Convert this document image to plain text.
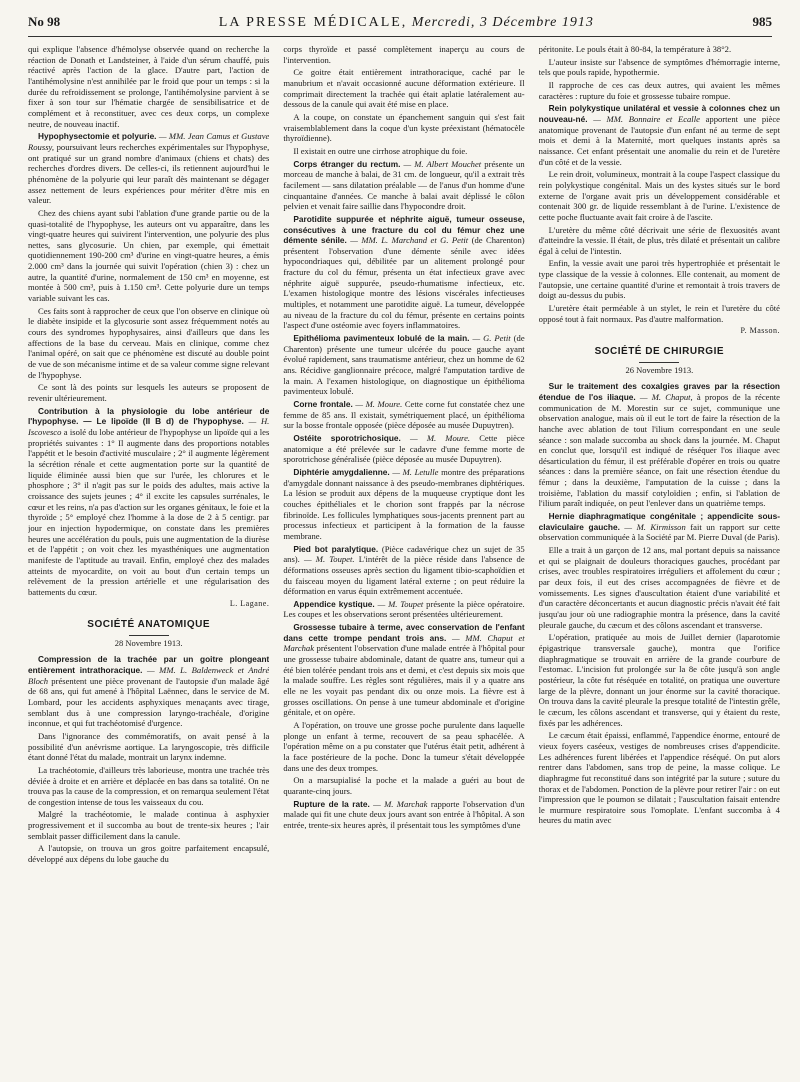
No 98	LA PRESSE MÉDICALE, Mercredi, 3 Décembre 1913	985

qui explique l'absence d'hémolyse observée quand on recherche la réaction de Donath et Landsteiner, à l'aide d'un sérum chauffé, puis réactivé après l'action de la glace. D'autre part, l'action de l'antihémolysine n'est annihilée par le froid que pour un temps : si la durée du refroidissement se prolonge, l'antihémolysine parvient à se fixer à son tour sur l'hématie chargée de sensibilisatrice et de complément et à reconstituer, avec ces deux corps, un complexe neutre, de nouveau inactif.

Hypophysectomie et polyurie. — MM. Jean Camus et Gustave Roussy, poursuivant leurs recherches expérimentales sur l'hypophyse, ont pratiqué sur un grand nombre d'animaux (chiens et chats) des recherches d'ordres divers. De celles-ci, ils retiennent aujourd'hui le phénomène de la polyurie qui leur paraît dès maintenant se dégager assez nettement de leurs expériences pour mériter d'être mis en valeur.

Chez des chiens ayant subi l'ablation d'une grande partie ou de la quasi-totalité de l'hypophyse, les auteurs ont vu apparaître, dans les vingt-quatre heures qui suivirent l'intervention, une polyurie des plus nettes, sans glycosurie. Un chien, par exemple, qui émettait quotidiennement 190-200 cm³ d'urine en vingt-quatre heures, a émis 2.000 cm³ dans la journée qui suivit l'opération (chien 3) : chez un autre, la quantité d'urine, normalement de 150 cm³ en moyenne, est montée à 500 cm³, puis à 1.150 cm³. Cette polyurie dure un temps variable suivant les cas.

Ces faits sont à rapprocher de ceux que l'on observe en clinique où le diabète insipide et la glycosurie sont assez fréquemment notés au cours des syndromes hypophysaires, ainsi d'ailleurs que dans les affections de la base du cerveau. Mais en clinique, comme chez l'animal opéré, on sait que ce phénomène est discuté au double point de vue de son mécanisme intime et de sa valeur comme signe relevant de l'hypophyse.

Ce sont là des points sur lesquels les auteurs se proposent de revenir ultérieurement.

Contribution à la physiologie du lobe antérieur de l'hypophyse. — Le lipoïde (II B d) de l'hypophyse. — H. Iscovesco a isolé du lobe antérieur de l'hypophyse un lipoïde qui a les propriétés suivantes : 1° Il augmente dans des proportions notables l'appétit et le besoin d'activité musculaire ; 2° il augmente légèrement la sécrétion rénale et cette augmentation porte sur la quantité de liquide éliminée aussi bien que sur l'urée, les chlorures et le phosphore ; 3° il n'agit pas sur le poids des adultes, mais active la croissance des sujets jeunes ; 4° il excite les capsules surrénales, le cœur et les reins, n'a pas d'action sur les organes génitaux, le foie et la thyroïde ; 5° employé chez l'homme à la dose de 2 à 5 centigr. par jour en injection hypodermique, on constate dans les premières heures une accélération du pouls, puis une augmentation de la diurèse et de l'appétit ; on voit chez les myasthéniques une augmentation manifeste de l'aptitude au travail. Enfin, employé chez des malades atteints de myocardite, on voit au bout d'un certain temps un relèvement de la pression artérielle et une régularisation des battements du cœur.

L. Lagane.
SOCIÉTÉ ANATOMIQUE
28 Novembre 1913.

Compression de la trachée par un goitre plongeant entièrement intrathoracique. — MM. L. Baldenweck et André Bloch présentent une pièce provenant de l'autopsie d'un malade âgé de 68 ans, qui fut amené à l'hôpital Laënnec, dans le service de M. Lombard, pour les accidents asphyxiques menaçants avec tirage, semblant dus à une compression laryngo-trachéale, d'origine inconnue, et qui fut trachéotomisé d'urgence.

Dans l'ignorance des commémoratifs, on avait pensé à la possibilité d'un anévrisme aortique. La laryngoscopie, très difficile étant donné l'état du malade, montrait un larynx indemne.

La trachéotomie, d'ailleurs très laborieuse, montra une trachée très déviée à droite et en arrière et déplacée en bas dans sa totalité. On ne trouva pas la cause de la compression, et on remarqua seulement l'état de congestion intense de tous les vaisseaux du cou.

Malgré la trachéotomie, le malade continua à asphyxier progressivement et il succomba au bout de trente-six heures ; l'air semblait passer difficilement dans la canule.

A l'autopsie, on trouva un gros goitre parfaitement encapsulé, développé aux dépens du lobe gauche du

corps thyroïde et passé complètement inaperçu au cours de l'intervention.

Ce goitre était entièrement intrathoracique, caché par le manubrium et n'avait occasionné aucune déformation extérieure. Il comprimait directement la trachée qui était aplatie latéralement au-dessous de la canule qui avait été mise en place.

A la coupe, on constate un épanchement sanguin qui s'est fait vraisemblablement dans la coque d'un kyste préexistant (hématocèle thyroïdienne).

Il existait en outre une cirrhose atrophique du foie.

Corps étranger du rectum. — M. Albert Mouchet présente un morceau de manche à balai, de 31 cm. de longueur, qu'il a extrait très facilement — sans dilatation préalable — de l'anus d'un homme d'une cinquantaine d'années. Ce manche à balai avait déplissé le côlon pelvien et venait faire saillie dans l'hypocondre droit.

Parotidite suppurée et néphrite aiguë, tumeur osseuse, consécutives à une fracture du col du fémur chez une démente sénile. — MM. L. Marchand et G. Petit (de Charenton) présentent l'observation d'une démente sénile avec idées hypocondriaques qui, débilitée par un alitement prolongé pour fracture du col du fémur, présenta un état infectieux grave avec néphrite aiguë suppurée, pseudo-rhumatisme infectieux, etc. L'examen histologique montre des lésions viscérales infectieuses multiples, et notamment une parotidite aiguë. La tumeur, développée au niveau de la fracture du col du fémur, présente en certains points l'aspect d'une ostéomie avec foyers inflammatoires.

Epithélioma pavimenteux lobulé de la main. — G. Petit (de Charenton) présente une tumeur ulcérée du pouce gauche ayant évolué rapidement, sans traumatisme antérieur, chez un homme de 62 ans. Récidive ganglionnaire précoce, malgré l'amputation tardive de la main. A l'examen histologique, on diagnostique un épithélioma pavimenteux lobulé.

Corne frontale. — M. Moure. Cette corne fut constatée chez une femme de 85 ans. Il existait, symétriquement placé, un épithélioma sur la bosse frontale opposée (pièce déposée au musée Dupuytren).

Ostéite sporotrichosique. — M. Moure. Cette pièce anatomique a été prélevée sur le cadavre d'une femme morte de sporotrichose généralisée (pièce déposée au musée Dupuytren).

Diphtérie amygdalienne. — M. Letulle montre des préparations d'amygdale donnant naissance à des pseudo-membranes diphtériques. La lésion se produit aux dépens de la muqueuse cryptique dont les couches épithéliales et le chorion sont frappés par la nécrose fibrinoïde. Les follicules lymphatiques sous-jacents prennent part au processus infectieux et participent à la formation de la fausse membrane.

Pied bot paralytique. (Pièce cadavérique chez un sujet de 35 ans). — M. Toupet. L'intérêt de la pièce réside dans l'absence de déformations osseuses après section du ligament tibio-scaphoïdien et du faisceau moyen du ligament latéral externe ; on peut réduire la déformation en varus équin extrêmement accentuée.

Appendice kystique. — M. Toupet présente la pièce opératoire. Les coupes et les observations seront présentées ultérieurement.

Grossesse tubaire à terme, avec conservation de l'enfant dans cette trompe pendant trois ans. — MM. Chaput et Marchak présentent l'observation d'une malade entrée à l'hôpital pour une grossesse tubaire abdominale, datant de quatre ans, tumeur qui a été bien tolérée pendant trois ans et demi, et c'est depuis six mois que la malade souffre. Les règles sont régulières, mais il y a quatre ans elle ne les voyait pas pendant dix ou onze mois. La fièvre est à grosses oscillations. On pense à une tumeur abdominale et d'origine génitale, et on opère.

A l'opération, on trouve une grosse poche purulente dans laquelle plonge un enfant à terme, recouvert de sa peau sphacélée. A l'opération même on a pu constater que l'utérus était petit, adhérent à la face postérieure de la poche. Donc la tumeur s'était développée dans une des deux trompes.

On a marsupialisé la poche et la malade a guéri au bout de quarante-cinq jours.

Rupture de la rate. — M. Marchak rapporte l'observation d'un malade qui fit une chute deux jours avant son entrée à l'hôpital. A son entrée, trente-six heures après, il présentait tous les symptômes d'une

péritonite. Le pouls était à 80-84, la température à 38°2.

L'auteur insiste sur l'absence de symptômes d'hémorragie interne, tels que pouls rapide, hypothermie.

Il rapproche de ces cas deux autres, qui avaient les mêmes caractères : rupture du foie et grossesse tubaire rompue.

Rein polykystique unilatéral et vessie à colonnes chez un nouveau-né. — MM. Bonnaire et Ecalle apportent une pièce anatomique provenant de l'autopsie d'un enfant né au terme de sept mois et demi à la Maternité, mort quelques instants après sa naissance. Cet enfant présentait une anomalie du rein et de l'uretère d'un côté et de la vessie.

Le rein droit, volumineux, montrait à la coupe l'aspect classique du rein polykystique congénital. Mais un des kystes situés sur le bord externe de l'organe avait pris un développement considérable et contenait 300 gr. de liquide ressemblant à de l'urine. L'existence de cette poche fluctuante avait fait croire à de l'ascite.

L'uretère du même côté décrivait une série de flexuosités avant d'atteindre la vessie. Il était, de plus, très dilaté et présentait un calibre égal à celui de l'intestin.

Enfin, la vessie avait une paroi très hypertrophiée et présentait le type classique de la vessie à colonnes. Elle contenait, au moment de l'autopsie, une certaine quantité d'urine et remontait à trois travers de doigt au-dessus du pubis.

L'uretère était perméable à un stylet, le rein et l'uretère du côté opposé tout à fait normaux. Pas d'autre malformation.

P. Masson.
SOCIÉTÉ DE CHIRURGIE
26 Novembre 1913.

Sur le traitement des coxalgies graves par la résection étendue de l'os iliaque. — M. Chaput, à propos de la récente communication de M. Morestin sur ce sujet, communique une observation analogue, mais où il eut le tort de faire la résection de la hanche avec ablation de tout l'ilium correspondant en une seule séance : son malade succomba au shock dans la journée. M. Chaput en conclut que, lorsqu'il est indiqué de réséquer l'os iliaque avec désarticulation du fémur, il est préférable d'opérer en trois ou quatre séances : dans la première séance, on fait une résection étendue du fémur ; dans la deuxième, l'amputation de la cuisse ; dans la troisième, l'ablation du massif cotyloïdien ; enfin, si l'ablation de l'ilium paraît indiquée, on peut l'enlever dans un quatrième temps.

Hernie diaphragmatique congénitale ; appendicite sous-claviculaire gauche. — M. Kirmisson fait un rapport sur cette observation communiquée à la Société par M. Pierre Duval (de Paris).

Elle a trait à un garçon de 12 ans, mal portant depuis sa naissance et qui se plaignait de douleurs thoraciques gauches, procédant par crises, avec troubles respiratoires irréguliers et affolement du cœur ; par deux fois, il eut des crises accompagnées de fièvre et de vomissements. Les signes d'auscultation étaient d'une variabilité et d'un caractère déconcertants et aucun diagnostic précis n'avait été fait jusqu'au jour où une radiographie montra la présence, dans la cavité pleurale gauche, du cæcum et des côlons ascendant et transverse.

L'opération, pratiquée au mois de Juillet dernier (laparotomie épigastrique transversale gauche), montra que l'orifice diaphragmatique se trouvait en arrière de la grande courbure de l'estomac. L'incision fut prolongée sur la 8e côte jusqu'à son angle postérieur, la côte fut réséquée en totalité, on pratiqua une ouverture large de la plèvre, donnant un jour énorme sur la cavité thoracique. On trouva dans la cavité pleurale la presque totalité de l'intestin grêle, le cæcum, les côlons ascendant et transverse, qui y étaient du reste, fixés par les adhérences.

Le cæcum était épaissi, enflammé, l'appendice énorme, entouré de vieux foyers caséeux, vestiges de nombreuses crises d'appendicite. Les adhérences furent libérées et l'appendice réséqué. On put alors rentrer dans l'abdomen, sans trop de peine, la masse colique. Le diaphragme fut reconstitué dans son intégrité par la suture ; suture du thorax et de l'abdomen. Ponction de la plèvre pour retirer l'air : on eut l'impression que le poumon se dilatait ; l'auscultation faisait entendre le murmure respiratoire sous l'omoplate. L'enfant succomba à 4 heures du matin avec
